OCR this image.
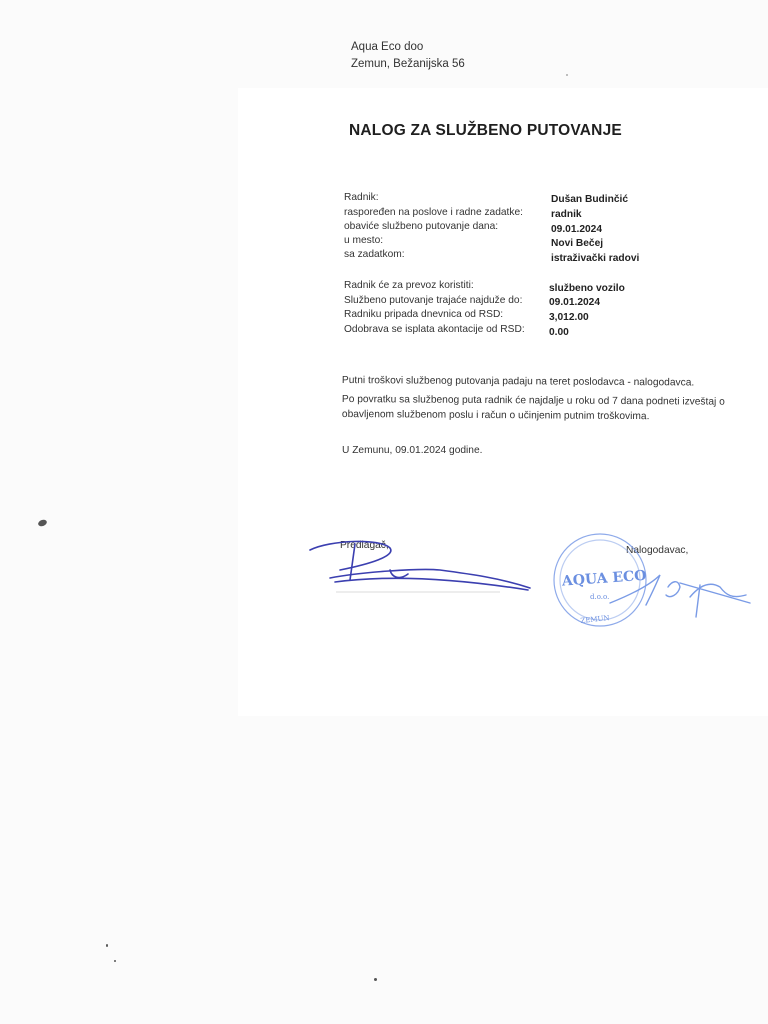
Aqua Eco doo
Zemun, Bežanijska 56
NALOG ZA SLUŽBENO PUTOVANJE
Radnik:
raspoređen na poslove i radne zadatke:
obaviće službeno putovanje dana:
u mesto:
sa zadatkom:
Dušan Budinčić
radnik
09.01.2024
Novi Bečej
istraživački radovi
Radnik će za prevoz koristiti:
Službeno putovanje trajaće najduže do:
Radniku pripada dnevnica od RSD:
Odobrava se isplata akontacije od RSD:
službeno vozilo
09.01.2024
3,012.00
0.00
Putni troškovi službenog putovanja padaju na teret poslodavca - nalogodavca.
Po povratku sa službenog puta radnik će najdalje u roku od 7 dana podneti izveštaj o
obavljenom službenom poslu i račun o učinjenim putnim troškovima.
U Zemunu, 09.01.2024 godine.
Predlagač,	Nalogodavac,
AQUA ECO
d.o.o.
ZEMUN
